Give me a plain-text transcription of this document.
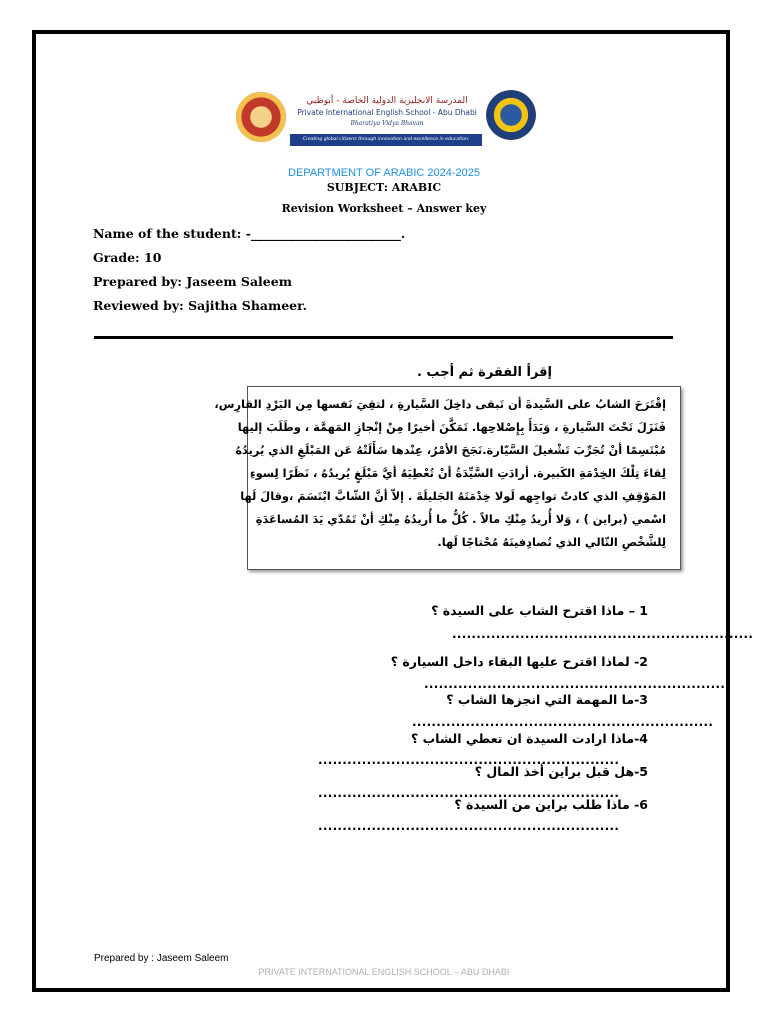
المدرسة الانجليزية الدولية الخاصة - أبوظبي
Private International English School - Abu Dhabi
Bharatiya Vidya Bhavan
Creating global citizens through innovation and excellence in education.
DEPARTMENT OF ARABIC 2024-2025
SUBJECT: ARABIC
Revision Worksheet – Answer key
Name of the student: -________________________.
Grade: 10
Prepared by: Jaseem Saleem
Reviewed by: Sajitha Shameer.
إقرأ الفقرة ثم أجب .
إقْتَرَحَ الشابُ على السَّيدةَ أن تَبقى داخِلَ السَّيارةِ ، لتقِيَ نَفسها مِن البَرْدِ القارِس،
فَنَزَلَ تَحْتَ السَّيارةِ ، وَبَدَأَ بِإِصْلاحِها. تَمَكَّنَ أخيرًا مِنْ إنْجازِ المَهمَّة ، وطَلَبَ إليها
مُبْتَسِمًا أنْ تُجَرِّبَ تَشْغيلَ السَّيّارة.نَجَحَ الأمْرُ، عِنْدها سَأَلَتْهُ عَن المَبْلَغِ الذي يُريدُهُ
لِقاءَ تِلْكَ الخِدْمَةِ الكَبيرة. أرادَتِ السَّيِّدَةُ أنْ تُعْطِيَهُ أيَّ مَبْلَغٍ يُريدُهُ ، نَظَرًا لِسوءِ
المَوْقِفِ الذي كادتْ تواجِهه لَولا خِدْمَتَهُ الجَليلَةَ . إلاّ أنَّ الشّابَّ ابْتَسَمَ ،وقالَ لَها
اسْمي (براين ) ، وَلا أُريدُ مِنْكِ مالاً . كُلُّ ما أُريدُهُ مِنْكِ أنْ تَمُدّي يَدَ المُساعَدَةِ
لِلشَّخْصِ التّالي الذي تُصادِفينَهُ مُحْتاجًا لَها.
1 – ماذا اقترح الشاب على السيدة ؟
..............................................................
2- لماذا اقترح عليها البقاء داخل السيارة ؟
..............................................................
3-ما المهمة التي انجزها الشاب ؟
..............................................................
4-ماذا ارادت السيدة ان تعطي الشاب ؟
..............................................................
5-هل قبل براين أخذ المال ؟
..............................................................
6- ماذا طلب براين من السيدة ؟
..............................................................
Prepared by : Jaseem Saleem
PRIVATE INTERNATIONAL ENGLISH SCHOOL – ABU DHABI
